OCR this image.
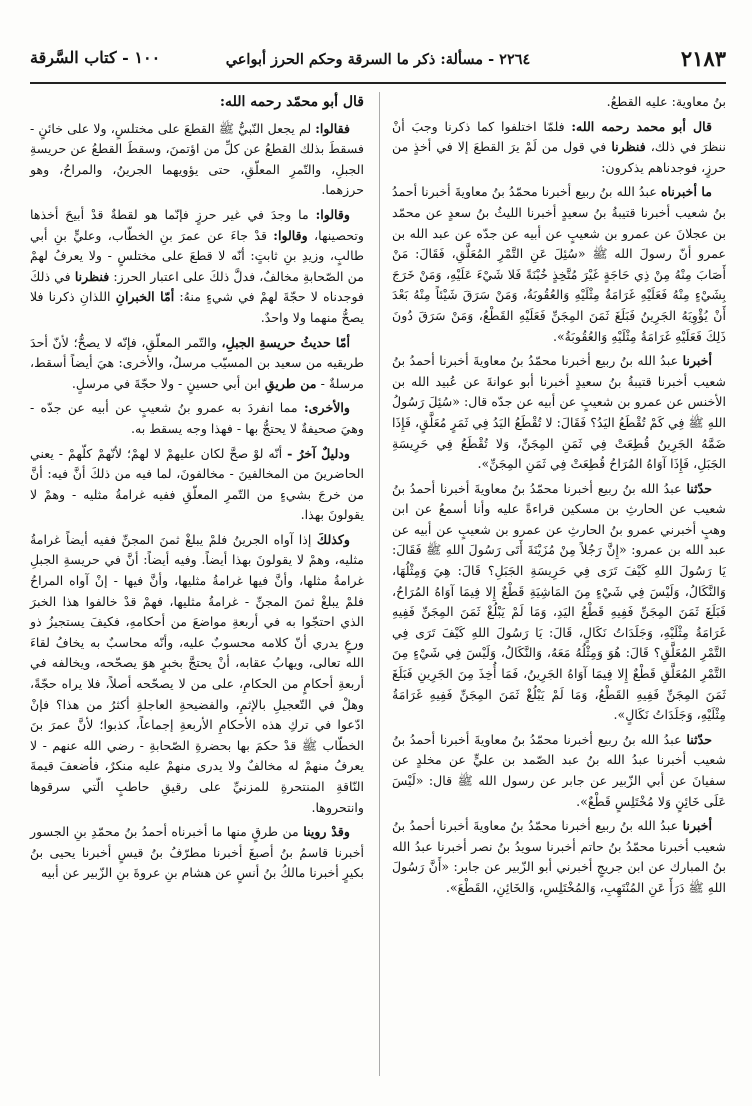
٢١٨٣
٢٢٦٤ - مسألة: ذكر ما السرقة وحكم الحرز أبواعي
١٠٠ - كتاب السَّرقة

بنُ معاوية: عليه القطعُ.

قال أبو محمد رحمه الله: فلمّا اختلفوا كما ذكرنا وجبَ أنْ ننظرَ في ذلك، فنظرنا في قول من لَمْ يرَ القطعَ إلا في أخذٍ من حرزٍ، فوجدناهم يذكرون:

ما أخبرناه عبدُ الله بنُ ربيع أخبرنا محمّدُ بنُ معاويةَ أخبرنا أحمدُ بنُ شعيب أخبرنا قتيبةُ بنُ سعيدٍ أخبرنا الليثُ بنُ سعدٍ عن محمّد بن عجلانَ عن عمرو بن شعيبٍ عن أبيه عن جدّه عن عبد الله بن عمرو أنّ رسولَ الله ﷺ «سُئِلَ عَنِ التَّمْرِ المُعَلَّقِ، فَقَالَ: مَنْ أَصَابَ مِنْهُ مِنْ ذِي حَاجَةٍ غَيْرَ مُتَّخِذٍ خُبْنَةً فَلا شَيْءَ عَلَيْهِ، وَمَنْ خَرَجَ بِشَيْءٍ مِنْهُ فَعَلَيْهِ غَرَامَةُ مِثْلَيْهِ وَالعُقُوبَةُ، وَمَنْ سَرَقَ شَيْئاً مِنْهُ بَعْدَ أَنْ يُؤْوِيَهُ الجَرِينُ فَبَلَغَ ثَمَنَ المِجَنِّ فَعَلَيْهِ القَطْعُ، وَمَنْ سَرَقَ دُونَ ذَلِكَ فَعَلَيْهِ غَرَامَةُ مِثْلَيْهِ وَالعُقُوبَةُ».

أخبرنا عبدُ الله بنُ ربيع أخبرنا محمّدُ بنُ معاويةَ أخبرنا أحمدُ بنُ شعيب أخبرنا قتيبةُ بنُ سعيدٍ أخبرنا أبو عوانةَ عن عُبيد الله بن الأخنس عن عمرو بن شعيبٍ عن أبيه عن جدّه قال: «سُئِلَ رَسُولُ اللهِ ﷺ فِي كَمْ تُقْطَعُ اليَدُ؟ فَقَالَ: لا تُقْطَعُ اليَدُ فِي ثَمَرٍ مُعَلَّقٍ، فَإِذَا ضَمَّهُ الجَرِينُ قُطِعَتْ فِي ثَمَنِ المِجَنِّ، وَلا تُقْطَعُ فِي حَرِيسَةِ الجَبَلِ، فَإِذَا آوَاهُ المُرَاحُ قُطِعَتْ فِي ثَمَنِ المِجَنِّ».

حدّثنا عبدُ الله بنُ ربيع أخبرنا محمّدُ بنُ معاويةَ أخبرنا أحمدُ بنُ شعيب عن الحارثِ بن مسكين قراءةً عليه وأنا أسمعُ عن ابن وهبٍ أخبرني عمرو بنُ الحارثِ عن عمرو بن شعيبٍ عن أبيه عن عبد الله بن عمرو: «إِنَّ رَجُلاً مِنْ مُزَيْنَةَ أَتَى رَسُولَ اللهِ ﷺ فَقَالَ: يَا رَسُولَ اللهِ كَيْفَ تَرَى فِي حَرِيسَةِ الجَبَلِ؟ قَالَ: هِيَ وَمِثْلُهَا، وَالنَّكَالُ، وَلَيْسَ فِي شَيْءٍ مِنَ المَاشِيَةِ قَطْعٌ إِلا فِيمَا آوَاهُ المُرَاحُ، فَبَلَغَ ثَمَنَ المِجَنِّ فَفِيهِ قَطْعُ اليَدِ، وَمَا لَمْ يَبْلُغْ ثَمَنَ المِجَنِّ فَفِيهِ غَرَامَةُ مِثْلَيْهِ، وَجَلَدَاتُ نَكَالٍ، قَالَ: يَا رَسُولَ اللهِ كَيْفَ تَرَى فِي التَّمْرِ المُعَلَّقِ؟ قَالَ: هُوَ وَمِثْلُهُ مَعَهُ، وَالنَّكَالُ، وَلَيْسَ فِي شَيْءٍ مِنَ التَّمْرِ المُعَلَّقِ قَطْعٌ إِلا فِيمَا آوَاهُ الجَرِينُ، فَمَا أُخِذَ مِنَ الجَرِينِ فَبَلَغَ ثَمَنَ المِجَنِّ فَفِيهِ القَطْعُ، وَمَا لَمْ يَبْلُغْ ثَمَنَ المِجَنِّ فَفِيهِ غَرَامَةُ مِثْلَيْهِ، وَجَلَدَاتُ نَكَالٍ».

حدّثنا عبدُ الله بنُ ربيع أخبرنا محمّدُ بنُ معاويةَ أخبرنا أحمدُ بنُ شعيب أخبرنا عبدُ الله بنُ عبد الصّمد بن عليٍّ عن مخلدٍ عن سفيانَ عن أبي الزّبير عن جابر عن رسول الله ﷺ قال: «لَيْسَ عَلَى خَائِنٍ وَلا مُخْتَلِسٍ قَطْعٌ».

أخبرنا عبدُ الله بنُ ربيع أخبرنا محمّدُ بنُ معاويةَ أخبرنا أحمدُ بنُ شعيب أخبرنا محمّدُ بنُ حاتم أخبرنا سويدُ بنُ نصر أخبرنا عبدُ الله بنُ المبارك عن ابن جريجٍ أخبرني أبو الزّبير عن جابر: «أَنَّ رَسُولَ اللهِ ﷺ دَرَأَ عَنِ المُنْتَهِبِ، وَالمُخْتَلِسِ، وَالخَائِنِ، القَطْعَ».

قال أبو محمّد رحمه الله:

فقالوا: لم يجعل النّبيُّ ﷺ القطعَ على مختلسٍ، ولا على خائنٍ - فسقطَ بذلك القطعُ عن كلِّ من اؤتمنَ، وسقطَ القطعُ عن حريسةِ الجبلِ، والتّمرِ المعلّقِ، حتى يؤويهما الجرينُ، والمراحُ، وهو حرزهما.

وقالوا: ما وجدَ في غير حرزٍ فإنّما هو لقطةٌ قدْ أبيحَ أخذها وتحصينها، وقالوا: قدْ جاءَ عن عمرَ بنِ الخطّاب، وعليٍّ بنِ أبي طالبٍ، وزيدِ بنِ ثابتٍ: أنّه لا قطعَ على مختلسٍ - ولا يعرفُ لهمْ من الصّحابةِ مخالفٌ، فدلَّ ذلكَ على اعتبار الحرز: فنظرنا في ذلكَ فوجدناه لا حجّةَ لهمْ في شيءٍ منهُ: أمّا الخبرانِ اللذانِ ذكرنا فلا يصحُّ منهما ولا واحدٌ.

أمّا حديثُ حريسةِ الجبلِ، والتّمر المعلّقِ، فإنّه لا يصحُّ؛ لأنّ أحدَ طريقيه من سعيد بن المسيّب مرسلٌ، والأخرى: هيَ أيضاً أسقط، مرسلةٌ - من طريقِ ابن أبي حسينٍ - ولا حجّةَ في مرسلٍ.

والأخرى: مما انفردَ به عمرو بنُ شعيبٍ عن أبيه عن جدّه - وهيَ صحيفةٌ لا يحتجُّ بها - فهذا وجه يسقط به.

ودليلٌ آخرُ - أنّه لوْ صحَّ لكان عليهمْ لا لهمْ؛ لأنّهمْ كلّهمْ - يعني الحاضرينَ من المخالفينَ - مخالفونَ، لما فيه من ذلكَ أنَّ فيه: أنَّ من خرجَ بشيءٍ من التّمرِ المعلّقِ ففيه غرامةُ مثليه - وهمْ لا يقولونَ بهذا.

وكذلكَ إذا آواه الجرينُ فلمْ يبلغْ ثمنَ المجنِّ ففيه أيضاً غرامةُ مثليه، وهمْ لا يقولونَ بهذا أيضاً. وفيه أيضاً: أنَّ في حريسةِ الجبلِ غرامةُ مثلها، وأنَّ فيها غرامةُ مثليها، وأنَّ فيها - إنْ آواه المراحُ فلمْ يبلغْ ثمنَ المجنِّ - غرامةُ مثليها، فهمْ قدْ خالفوا هذا الخبرَ الذي احتجّوا به في أربعةِ مواضعَ من أحكامهِ، فكيفَ يستجيزُ ذو ورعٍ يدري أنّ كلامه محسوبٌ عليه، وأنّه محاسبٌ به يخافُ لقاءَ الله تعالى، ويهابُ عقابه، أنْ يحتجَّ بخبرٍ هوَ يصحّحه، ويخالفه في أربعةِ أحكامٍ من الحكامِ، على من لا يصحّحه أصلاً، فلا يراه حجّةً، وهلْ في التّعجيلِ بالإثمِ، والفضيحةِ العاجلةِ أكثرُ من هذا؟ فإنْ ادّعوا في تركِ هذه الأحكامِ الأربعةِ إجماعاً، كذبوا؛ لأنَّ عمرَ بنَ الخطّاب ﷺ قدْ حكمَ بها بحضرةِ الصّحابةِ - رضي الله عنهم - لا يعرفُ منهمْ له مخالفٌ ولا يدرى منهمْ عليه منكرٌ، فأضعفَ قيمةَ النّاقةِ المنتحرةِ للمزنيِّ على رقيقِ حاطبٍ الّتي سرقوها وانتحروها.

وقدْ روينا من طرقٍ منها ما أخبرناه أحمدُ بنُ محمّدِ بنِ الجسور أخبرنا قاسمُ بنُ أصبغَ أخبرنا مطرّفُ بنُ قيسٍ أخبرنا يحيى بنُ بكيرٍ أخبرنا مالكُ بنُ أنسٍ عن هشام بنِ عروةَ بنِ الزّبير عن أبيه
